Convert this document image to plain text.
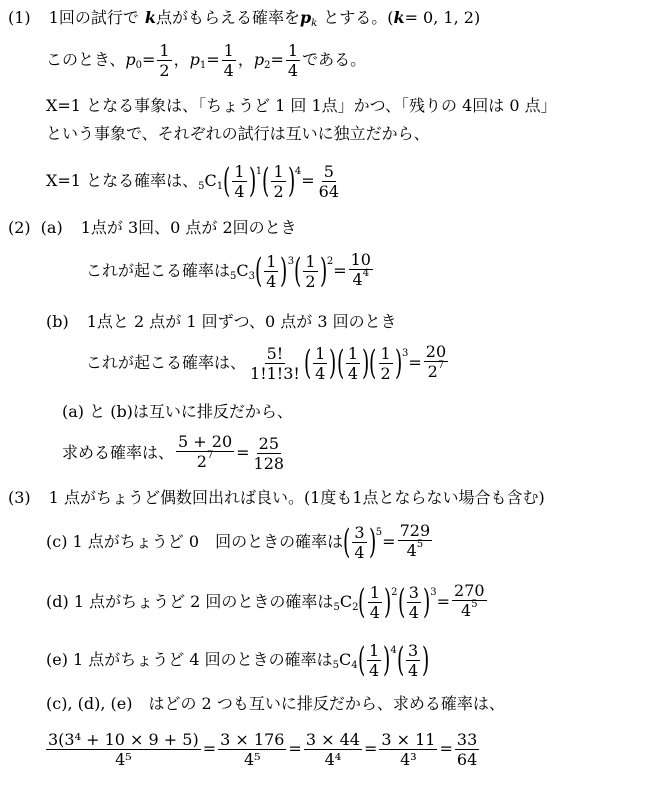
(1) 1回の試行で k 点がもらえる確率を p k とする。( k = 0, 1, 2)
このとき、 p $0 = \frac{1}{2}$ ， p $1 = \frac{1}{4}$ ， p $2 = \frac{1}{4}$ である。
X=1 となる事象は、「ちょうど 1 回 1点」かつ、「残りの 4回は 0 点」
という事象で、それぞれの試行は互いに独立だから、
X=1 となる確率は、 5 C 1 ( $\frac{1}{4}$ ) 1 ( $\frac{1}{2}$ ) $4 = \frac{5}{64}$
(2) (a) 1点が 3回、0 点が 2回のとき
これが起こる確率は 5 C 3 ( $\frac{1}{4}$ ) 3 ( $\frac{1}{2}$ ) $2 = \frac{10}{4^4}$
(b) 1点と 2 点が 1 回ずつ、0 点が 3 回のとき
これが起こる確率は、 $\frac{5!}{1!1!3!}$ ( $\frac{1}{4}$ ) ( $\frac{1}{4}$ ) ( $\frac{1}{2}$ ) $3 = \frac{20}{2^7}$
(a) と (b)は互いに排反だから、
求める確率は、 $\frac{5 + 20}{2^7} = \frac{25}{128}$
(3) 1 点がちょうど偶数回出れば良い。(1度も1点とならない場合も含む)
(c) 1 点がちょうど 0　回のときの確率は ( $\frac{3}{4}$ ) $5 = \frac{729}{4^5}$
(d) 1 点がちょうど 2 回のときの確率は 5 C 2 ( $\frac{1}{4}$ ) 2 ( $\frac{3}{4}$ ) $3 = \frac{270}{4^5}$
(e) 1 点がちょうど 4 回のときの確率は 5 C 4 ( $\frac{1}{4}$ ) 4 ( $\frac{3}{4}$ )
(c), (d), (e)　はどの 2 つも互いに排反だから、求める確率は、
$\frac{\text{3(3⁴ + 10 × 9 + 5)}}{\text{4⁵}} = \frac{3 \times 176}{\text{4⁵}} = \frac{3 \times 44}{\text{4⁴}} = \frac{3 \times 11}{\text{4³}} = \frac{33}{64}$
